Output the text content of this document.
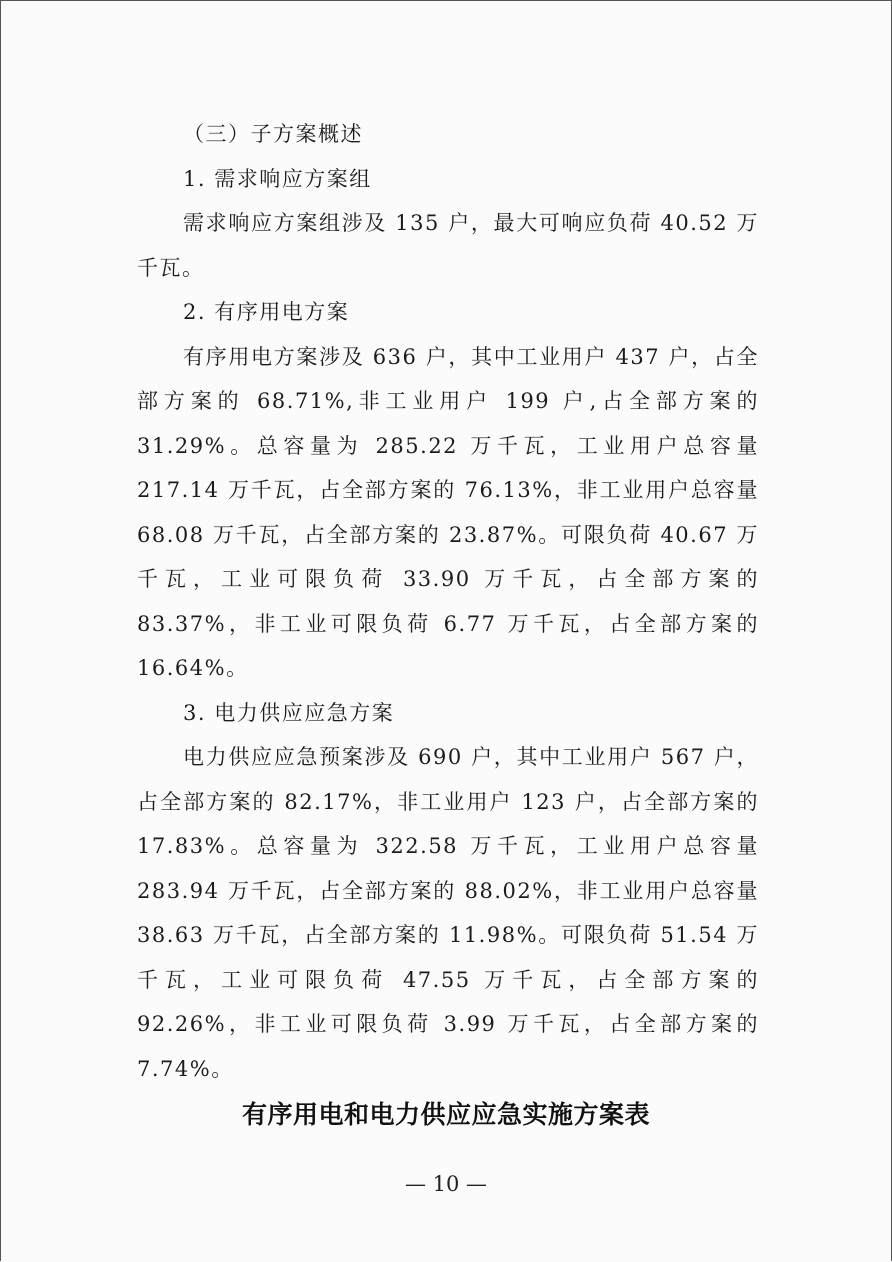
（三）子方案概述

1. 需求响应方案组

需求响应方案组涉及 135 户，最大可响应负荷 40.52 万千瓦。

2. 有序用电方案

有序用电方案涉及 636 户，其中工业用户 437 户，占全部方案的 68.71%,非工业用户 199 户,占全部方案的 31.29%。总容量为 285.22 万千瓦，工业用户总容量 217.14 万千瓦，占全部方案的 76.13%，非工业用户总容量 68.08 万千瓦，占全部方案的 23.87%。可限负荷 40.67 万千瓦，工业可限负荷 33.90 万千瓦，占全部方案的 83.37%，非工业可限负荷 6.77 万千瓦，占全部方案的 16.64%。

3. 电力供应应急方案

电力供应应急预案涉及 690 户，其中工业用户 567 户，占全部方案的 82.17%，非工业用户 123 户，占全部方案的 17.83%。总容量为 322.58 万千瓦，工业用户总容量 283.94 万千瓦，占全部方案的 88.02%，非工业用户总容量 38.63 万千瓦，占全部方案的 11.98%。可限负荷 51.54 万千瓦，工业可限负荷 47.55 万千瓦，占全部方案的 92.26%，非工业可限负荷 3.99 万千瓦，占全部方案的 7.74%。

有序用电和电力供应应急实施方案表
— 10 —
